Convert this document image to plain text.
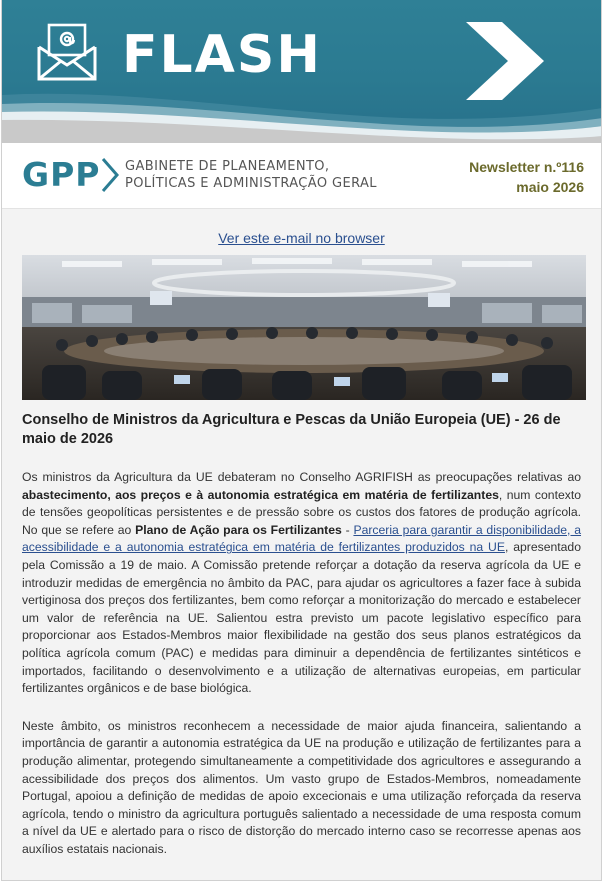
FLASH
GPP GABINETE DE PLANEAMENTO,
POLÍTICAS E ADMINISTRAÇÃO GERAL
Newsletter n.º116
maio 2026
Ver este e-mail no browser
Conselho de Ministros da Agricultura e Pescas da União Europeia (UE) - 26 de maio de 2026

Os ministros da Agricultura da UE debateram no Conselho AGRIFISH as preocupações relativas ao abastecimento, aos preços e à autonomia estratégica em matéria de fertilizantes, num contexto de tensões geopolíticas persistentes e de pressão sobre os custos dos fatores de produção agrícola. No que se refere ao Plano de Ação para os Fertilizantes - Parceria para garantir a disponibilidade, a acessibilidade e a autonomia estratégica em matéria de fertilizantes produzidos na UE, apresentado pela Comissão a 19 de maio. A Comissão pretende reforçar a dotação da reserva agrícola da UE e introduzir medidas de emergência no âmbito da PAC, para ajudar os agricultores a fazer face à subida vertiginosa dos preços dos fertilizantes, bem como reforçar a monitorização do mercado e estabelecer um valor de referência na UE. Salientou estra previsto um pacote legislativo específico para proporcionar aos Estados-Membros maior flexibilidade na gestão dos seus planos estratégicos da política agrícola comum (PAC) e medidas para diminuir a dependência de fertilizantes sintéticos e importados, facilitando o desenvolvimento e a utilização de alternativas europeias, em particular fertilizantes orgânicos e de base biológica.

Neste âmbito, os ministros reconhecem a necessidade de maior ajuda financeira, salientando a importância de garantir a autonomia estratégica da UE na produção e utilização de fertilizantes para a produção alimentar, protegendo simultaneamente a competitividade dos agricultores e assegurando a acessibilidade dos preços dos alimentos. Um vasto grupo de Estados-Membros, nomeadamente Portugal, apoiou a definição de medidas de apoio excecionais e uma utilização reforçada da reserva agrícola, tendo o ministro da agricultura português salientado a necessidade de uma resposta comum a nível da UE e alertado para o risco de distorção do mercado interno caso se recorresse apenas aos auxílios estatais nacionais.
